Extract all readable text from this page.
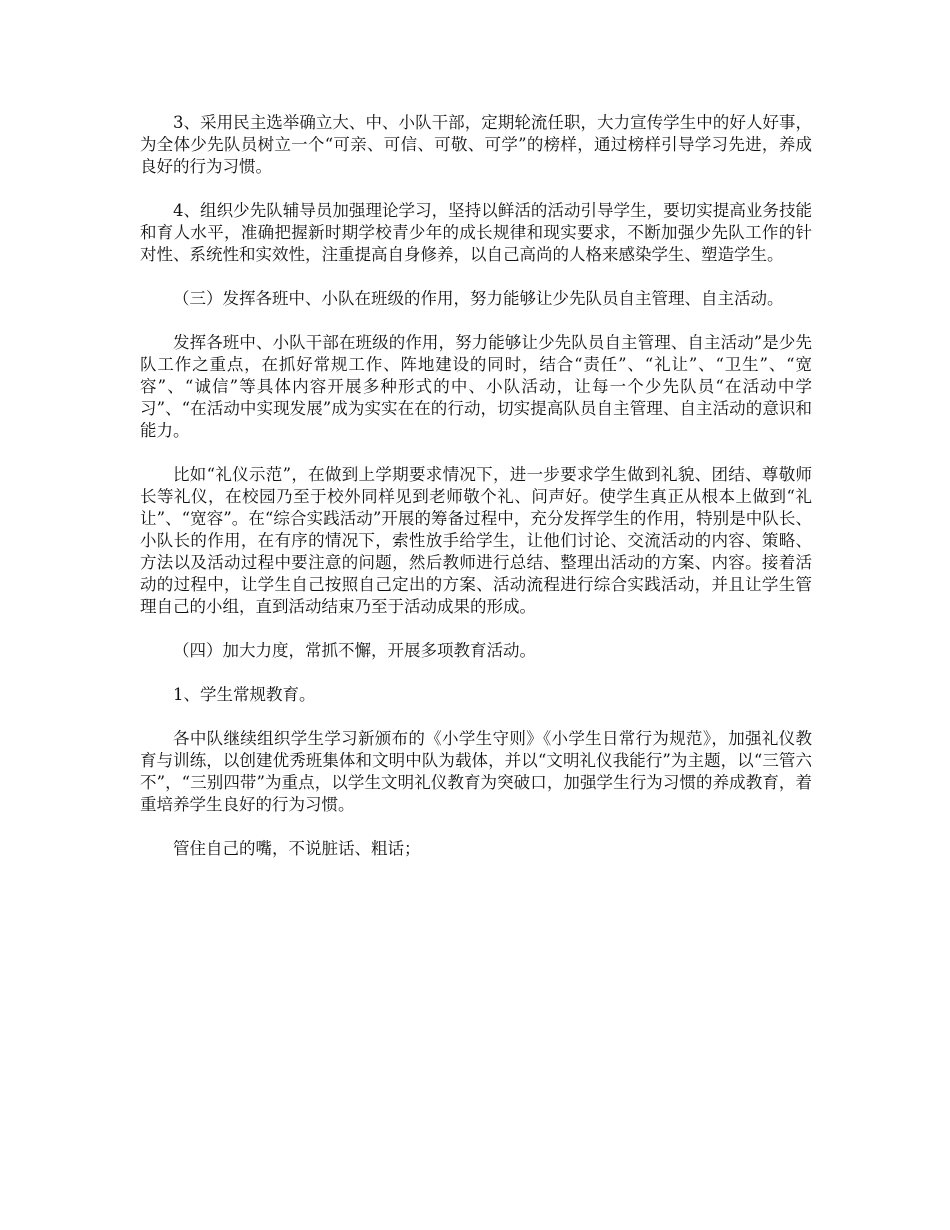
3、采用民主选举确立大、中、小队干部，定期轮流任职，大力宣传学生中的好人好事，为全体少先队员树立一个“可亲、可信、可敬、可学”的榜样，通过榜样引导学习先进，养成良好的行为习惯。

4、组织少先队辅导员加强理论学习，坚持以鲜活的活动引导学生，要切实提高业务技能和育人水平，准确把握新时期学校青少年的成长规律和现实要求，不断加强少先队工作的针对性、系统性和实效性，注重提高自身修养，以自己高尚的人格来感染学生、塑造学生。

（三）发挥各班中、小队在班级的作用，努力能够让少先队员自主管理、自主活动。

发挥各班中、小队干部在班级的作用，努力能够让少先队员自主管理、自主活动”是少先队工作之重点，在抓好常规工作、阵地建设的同时，结合“责任”、“礼让”、“卫生”、“宽容”、“诚信”等具体内容开展多种形式的中、小队活动，让每一个少先队员“在活动中学习”、“在活动中实现发展”成为实实在在的行动，切实提高队员自主管理、自主活动的意识和能力。

比如“礼仪示范”，在做到上学期要求情况下，进一步要求学生做到礼貌、团结、尊敬师长等礼仪，在校园乃至于校外同样见到老师敬个礼、问声好。使学生真正从根本上做到“礼让”、“宽容”。在“综合实践活动”开展的筹备过程中，充分发挥学生的作用，特别是中队长、小队长的作用，在有序的情况下，索性放手给学生，让他们讨论、交流活动的内容、策略、方法以及活动过程中要注意的问题，然后教师进行总结、整理出活动的方案、内容。接着活动的过程中，让学生自己按照自己定出的方案、活动流程进行综合实践活动，并且让学生管理自己的小组，直到活动结束乃至于活动成果的形成。

（四）加大力度，常抓不懈，开展多项教育活动。

1、学生常规教育。

各中队继续组织学生学习新颁布的《小学生守则》《小学生日常行为规范》，加强礼仪教育与训练，以创建优秀班集体和文明中队为载体，并以“文明礼仪我能行”为主题，以“三管六不”，“三别四带”为重点，以学生文明礼仪教育为突破口，加强学生行为习惯的养成教育，着重培养学生良好的行为习惯。

管住自己的嘴，不说脏话、粗话；
